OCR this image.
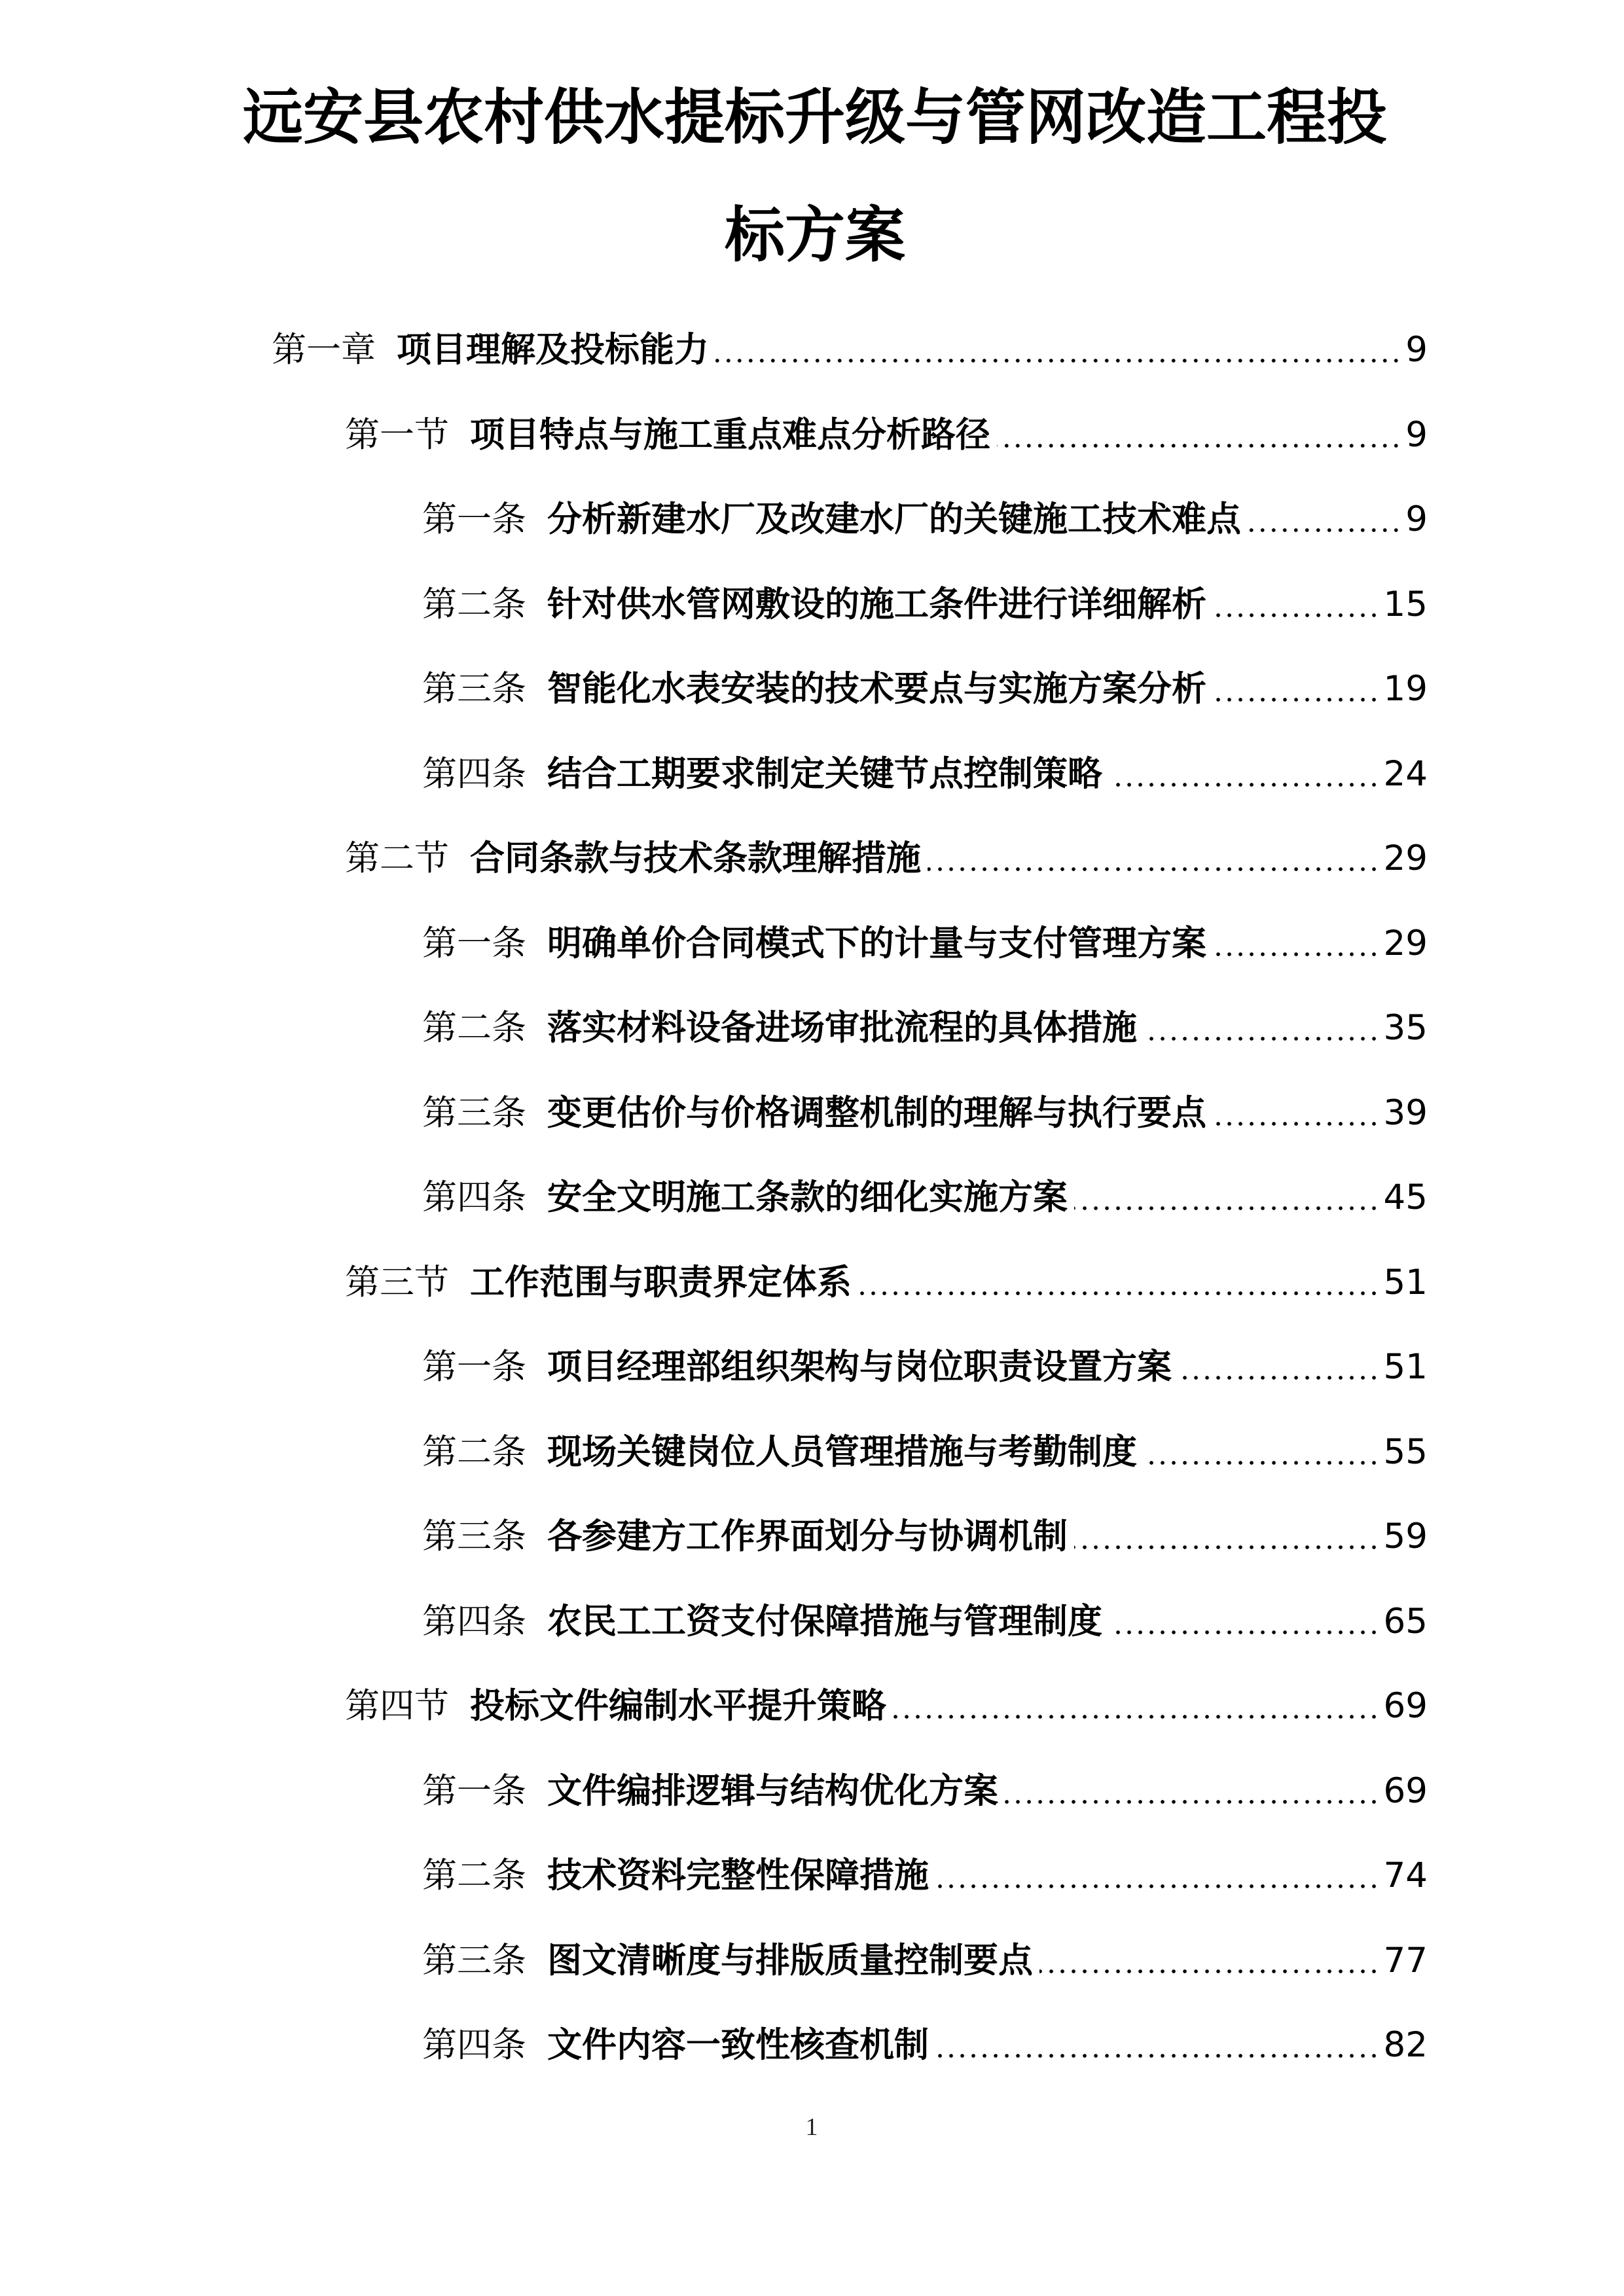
远安县农村供水提标升级与管网改造工程投
标方案
第一章 项目理解及投标能力	9
第一节 项目特点与施工重点难点分析路径	9
第一条 分析新建水厂及改建水厂的关键施工技术难点	9
第二条 针对供水管网敷设的施工条件进行详细解析	15
第三条 智能化水表安装的技术要点与实施方案分析	19
第四条 结合工期要求制定关键节点控制策略	24
第二节 合同条款与技术条款理解措施	29
第一条 明确单价合同模式下的计量与支付管理方案	29
第二条 落实材料设备进场审批流程的具体措施	35
第三条 变更估价与价格调整机制的理解与执行要点	39
第四条 安全文明施工条款的细化实施方案	45
第三节 工作范围与职责界定体系	51
第一条 项目经理部组织架构与岗位职责设置方案	51
第二条 现场关键岗位人员管理措施与考勤制度	55
第三条 各参建方工作界面划分与协调机制	59
第四条 农民工工资支付保障措施与管理制度	65
第四节 投标文件编制水平提升策略	69
第一条 文件编排逻辑与结构优化方案	69
第二条 技术资料完整性保障措施	74
第三条 图文清晰度与排版质量控制要点	77
第四条 文件内容一致性核查机制	82
1
